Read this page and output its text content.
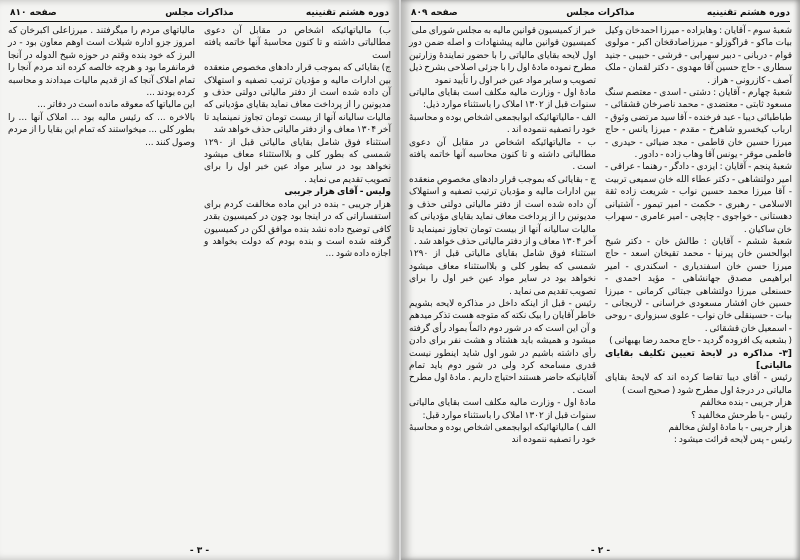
دوره هشتم تقنینیه
مذاکرات مجلس
صفحه ۸۱۰

ب) مالیاتهائیکه اشخاص در مقابل آن دعوی مطالباتی داشته و تا کنون محاسبهٔ آنها خاتمه یافته است

ج) بقایائی که بموجب قرار دادهای مخصوص منعقده بین ادارات مالیه و مؤدیان ترتیب تصفیه و استهلاک آن داده شده است از دفتر مالیاتی دولتی حذف و مدیونین را از پرداخت معاف نماید بقایای مؤدیانی که مالیات سالیانه آنها از بیست تومان تجاوز نمینماید تا آخر ۱۳۰۴ معاف و از دفتر مالیاتی حذف خواهد شد

استثناء فوق شامل بقایای مالیاتی قبل از ۱۲۹۰ شمسی که بطور کلی و بلااستثناء معاف میشود نخواهد بود در سایر مواد عین خبر اول را برای تصویب تقدیم می نماید .

ولیس - آقای هزار جریبی

هزار جریبی - بنده در این ماده مخالفت کردم برای استفساراتی که در اینجا بود چون در کمیسیون بقدر کافی توضیح داده نشد بنده موافق لکن در کمیسیون گرفته شده است و بنده بودم که دولت بخواهد و اجازه داده شود ...

مالیاتهای مردم را میگرفتند . میرزاعلی اکبرخان که امروز جزو اداره شیلات است اوهم معاون بود - در البرز که خود بنده وقتم در حوزه شیخ الدوله در آنجا فرمانفرما بود و هرچه خالصه کرده اند مردم آنجا را تمام املاک آنجا که از قدیم مالیات میدادند و محاسبه کرده بودند ...

این مالیاتها که معوقه مانده است در دفاتر ...

بالاخره ... که رئیس مالیه بود ... املاک آنها ... را بطور کلی ... میخواستند که تمام این بقایا را از مردم وصول کنند ...

- ۳ -
دوره هشتم تقنینیه
مذاکرات مجلس
صفحه ۸۰۹

شعبهٔ سوم - آقایان : وهابزاده - میرزا احمدخان وکیل بیات ماکو - قراگوزلو - میرزاصادقخان اکبر - مولوی قوام - دربانی - دبیر سهرابی - فرشی - حبیبی - جنید سطاری - حاج حسین آقا مهدوی - دکتر لقمان - ملک آصف - کازرونی - هراز .

شعبهٔ چهارم - آقایان : دشتی - اسدی - معتصم سنگ مسعود ثابتی - معتضدی - محمد ناصرخان قشقائی - طباطبائی دیبا - عبد فرخنده - آقا سید مرتضی وثوق - ارباب کیخسرو شاهرخ - مقدم - میرزا یانس - حاج میرزا حسین خان قاطمی - مجد ضیائی - حیدری - فاطمی موقر - یونس آقا وهاب زاده - دادور .

شعبهٔ پنجم - آقایان : ایزدی - دادگر - رهنما - عراقی - امیر دولتشاهی - دکتر عطاء الله خان سمیعی تربیت - آقا میرزا محمد حسین نواب - شریعت زاده ثقة الاسلامی - رهبری - حکمت - امیر تیمور - آشتیانی دهستانی - خواجوی - چاپچی - امیر عامری - سهراب خان ساکیان .

شعبهٔ ششم - آقایان : طالش خان - دکتر شیخ ابوالحسن خان پیرنیا - محمد تقیخان اسعد - حاج میرزا حسن خان اسفندیاری - اسکندری - امیر ابراهیمی مصدق جهانشاهی - مؤید احمدی - حسنعلی میرزا دولتشاهی جبتائی کرمانی - میرزا حسین خان افشار مسعودی خراسانی - لاریجانی - بیات - حسینقلی خان نواب - علوی سبزواری - روحی - اسمعیل خان قشقائی .

( بشعبه یک افزوده گردید - حاج محمد رضا بهبهانی )

[۳- مذاکره در لایحهٔ تعیین تکلیف بقایای مالیاتی]

رئیس - آقای دیبا تقاضا کرده اند که لایحهٔ بقایای مالیاتی در درجهٔ اول مطرح شود ( صحیح است )

هزار جریبی - بنده مخالفم

رئیس - با طرحش مخالفید ؟

هزار جریبی - با مادهٔ اولش مخالفم

رئیس - پس لایحه قرائت میشود :

خبر از کمیسیون قوانین مالیه به مجلس شورای ملی

کمیسیون قوانین مالیه پیشنهادات و اصله ضمن دور اول لایحه بقایای مالیاتی را با حضور نمایندهٔ وزارتین مطرح نموده مادهٔ اول را با جزئی اصلاحی بشرح ذیل تصویب و سایر مواد عین خبر اول را تأیید نمود

مادهٔ اول - وزارت مالیه مکلف است بقایای مالیاتی سنوات قبل از ۱۳۰۲ املاک را باستثناء موارد ذیل:

الف - مالیاتهائیکه ابوابجمعی اشخاص بوده و محاسبهٔ خود را تصفیه ننموده اند .

ب - مالیاتهائیکه اشخاص در مقابل آن دعوی مطالباتی داشته و تا کنون محاسبه آنها خاتمه یافته است .

ج - بقایائی که بموجب قرار دادهای مخصوص منعقده بین ادارات مالیه و مؤدیان ترتیب تصفیه و استهلاک آن داده شده است از دفتر مالیاتی دولتی حذف و مدیونین را از پرداخت معاف نماید بقایای مؤدیانی که مالیات سالیانه آنها از بیست تومان تجاوز نمینماید تا آخر ۱۳۰۴ معاف و از دفتر مالیاتی حذف خواهد شد .

استثناء فوق شامل بقایای مالیاتی قبل از ۱۲۹۰ شمسی که بطور کلی و بلااستثناء معاف میشود نخواهد بود در سایر مواد عین خبر اول را برای تصویب تقدیم می نماید .

رئیس - قبل از اینکه داخل در مذاکره لایحه بشویم خاطر آقایان را بیک نکته که متوجه هست تذکر میدهم و آن این است که در شور دوم دائماً بمواد رأی گرفته میشود و همیشه باید هشتاد و هشت نفر برای دادن رأی داشته باشیم در شور اول شاید اینطور نیست قدری مسامحه کرد ولی در شور دوم باید تمام آقایانیکه حاضر هستند احتیاج داریم . مادهٔ اول مطرح است .

مادهٔ اول - وزارت مالیه مکلف است بقایای مالیاتی سنوات قبل از ۱۳۰۲ املاک را باستثناء موارد قبل:

الف ) مالیاتهائیکه ابوابجمعی اشخاص بوده و محاسبهٔ خود را تصفیه ننموده اند

- ۲ -
